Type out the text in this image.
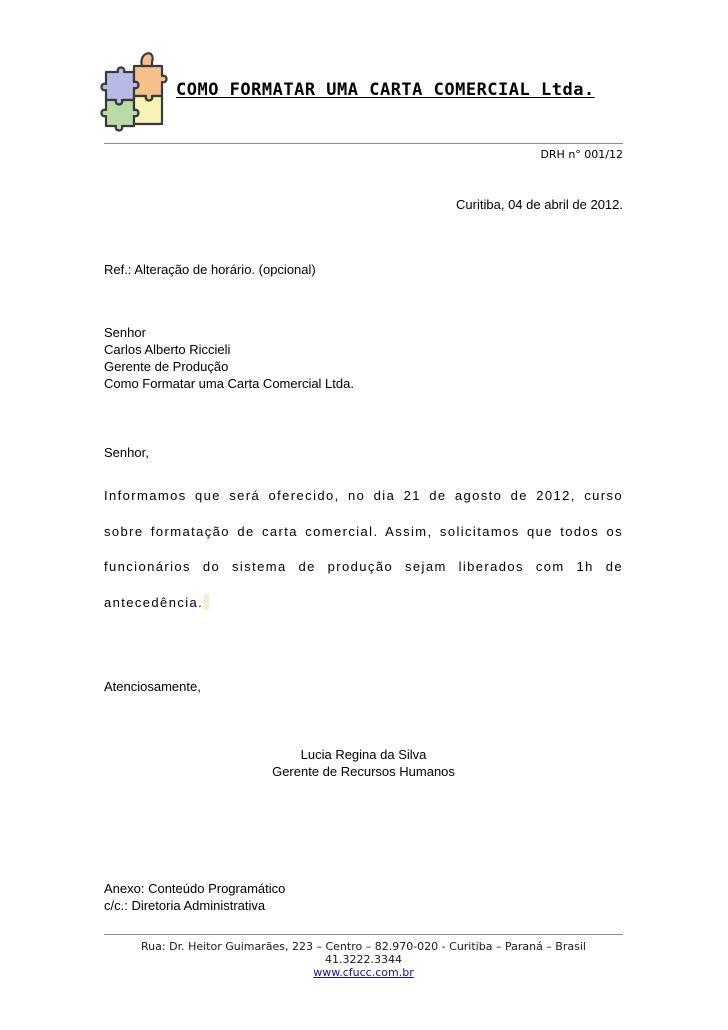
COMO FORMATAR UMA CARTA COMERCIAL Ltda.
DRH n° 001/12
Curitiba, 04 de abril de 2012.
Ref.: Alteração de horário. (opcional)
Senhor
Carlos Alberto Riccieli
Gerente de Produção
Como Formatar uma Carta Comercial Ltda.
Senhor,
Informamos que será oferecido, no dia 21 de agosto de 2012, curso
sobre formatação de carta comercial. Assim, solicitamos que todos os
funcionários do sistema de produção sejam liberados com 1h de
antecedência.
Atenciosamente,
Lucia Regina da Silva
Gerente de Recursos Humanos
Anexo: Conteúdo Programático
c/c.: Diretoria Administrativa
Rua: Dr. Heitor Guimarães, 223 – Centro – 82.970-020 - Curitiba – Paraná – Brasil
41.3222.3344
www.cfucc.com.br
